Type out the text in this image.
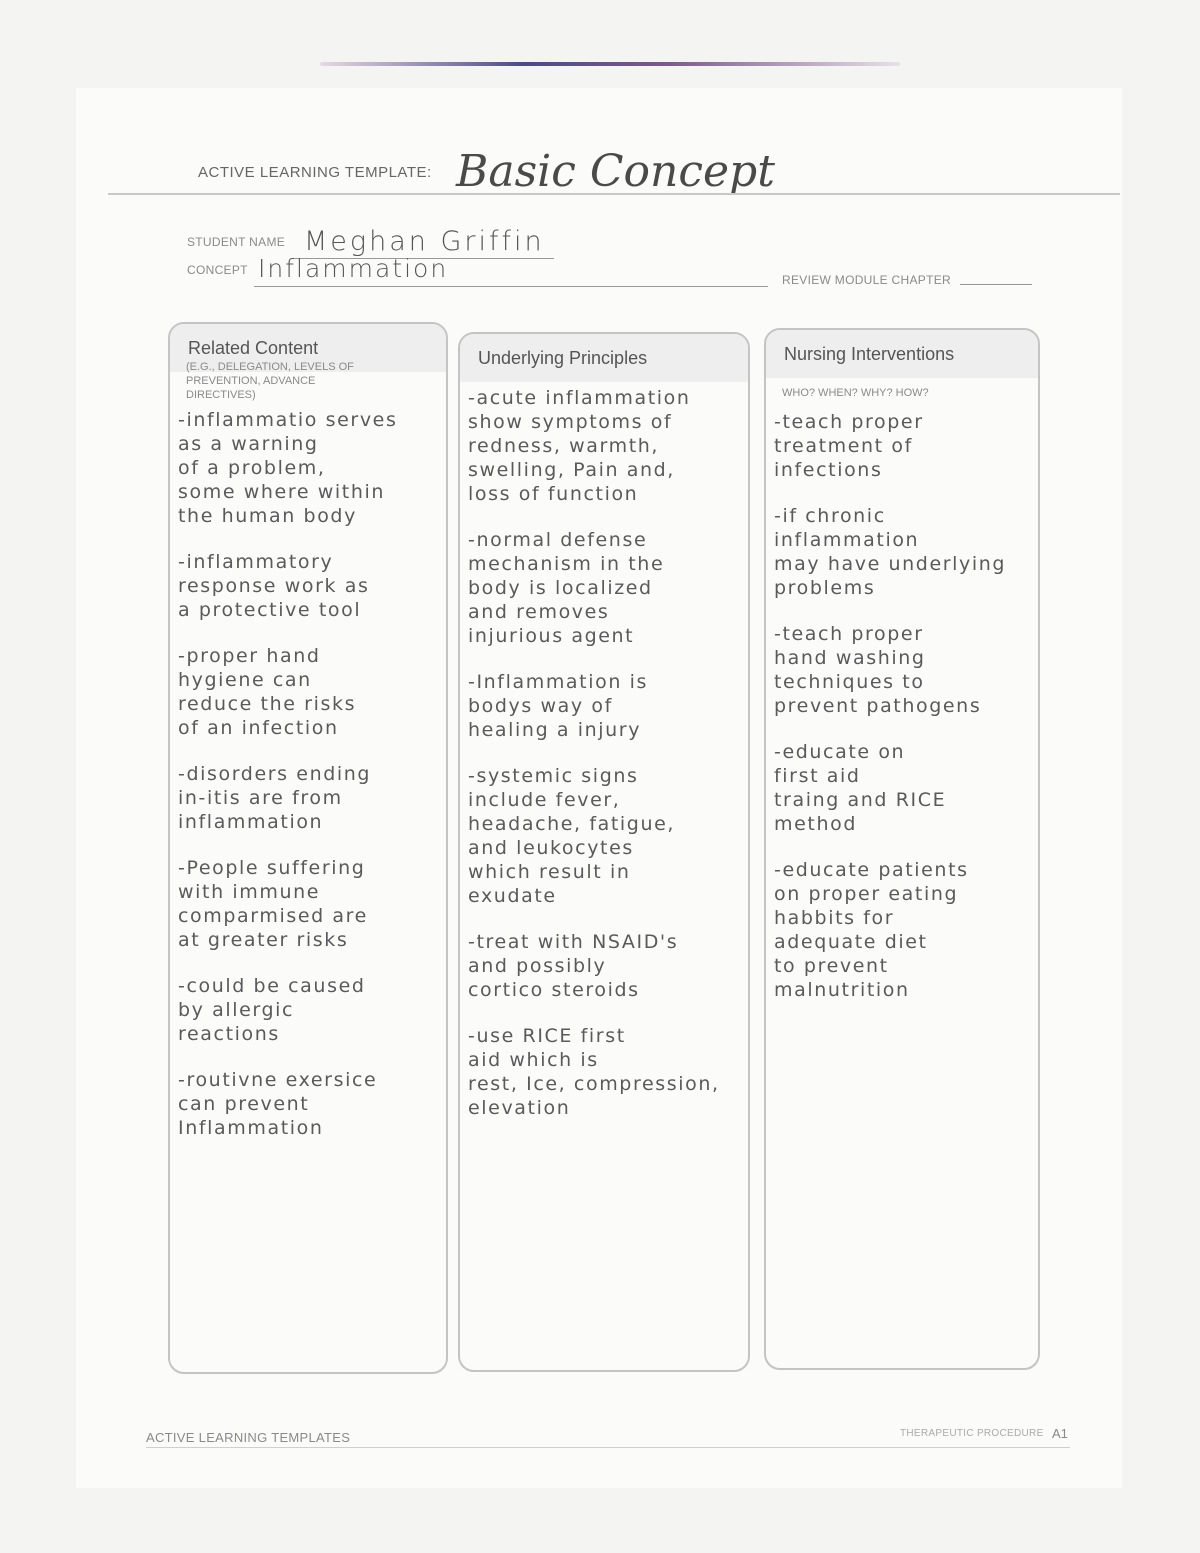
ACTIVE LEARNING TEMPLATE: Basic Concept
STUDENT NAME Meghan Griffin
CONCEPT Inflammation	REVIEW MODULE CHAPTER
Related Content
(E.G., DELEGATION, LEVELS OF PREVENTION, ADVANCE DIRECTIVES)
-inflammatio serves
as a warning
of a problem,
some where within
the human body
-inflammatory
response work as
a protective tool
-proper hand
hygiene can
reduce the risks
of an infection
-disorders ending
in-itis are from
inflammation
-People suffering
with immune
comparmised are
at greater risks
-could be caused
by allergic
reactions
-routivne exersice
can prevent
Inflammation
Underlying Principles
-acute inflammation
show symptoms of
redness, warmth,
swelling, Pain and,
loss of function
-normal defense
mechanism in the
body is localized
and removes
injurious agent
-Inflammation is
bodys way of
healing a injury
-systemic signs
include fever,
headache, fatigue,
and leukocytes
which result in
exudate
-treat with NSAID's
and possibly
cortico steroids
-use RICE first
aid which is
rest, Ice, compression,
elevation
Nursing Interventions
WHO? WHEN? WHY? HOW?
-teach proper
treatment of
infections
-if chronic inflammation
may have underlying
problems
-teach proper
hand washing
techniques to
prevent pathogens
-educate on
first aid
traing and RICE
method
-educate patients
on proper eating
habbits for
adequate diet
to prevent
malnutrition
ACTIVE LEARNING TEMPLATES	THERAPEUTIC PROCEDURE A1
